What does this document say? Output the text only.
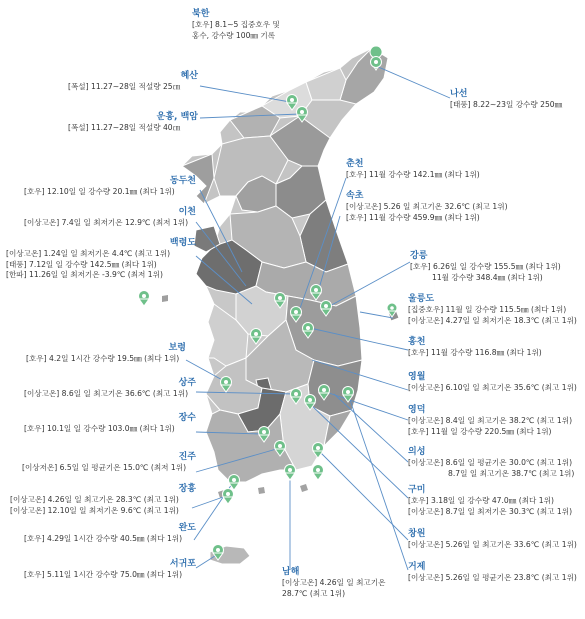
북한
[호우] 8.1~5 집중호우 및
홍수, 강수량 100㎜ 기록
나선
[태풍] 8.22~23일 강수량 250㎜
혜산
[폭설] 11.27~28일 적설량 25㎝
운흥, 백암
[폭설] 11.27~28일 적설량 40㎝
동두천
[호우] 12.10일 일 강수량 20.1㎜ (최다 1위)
이천
[이상고온] 7.4일 일 최저기온 12.9℃ (최저 1위)
백령도
[이상고온] 1.24일 일 최저기온 4.4℃ (최고 1위)
[태풍] 7.12일 일 강수량 142.5㎜ (최다 1위)
[한파] 11.26일 일 최저기온 -3.9℃ (최저 1위)
춘천
[호우] 11월 강수량 142.1㎜ (최다 1위)
속초
[이상고온] 5.26 일 최고기온 32.6℃ (최고 1위)
[호우] 11월 강수량 459.9㎜ (최다 1위)
강릉
[호우] 6.26일 일 강수량 155.5㎜ (최다 1위)
11월 강수량 348.4㎜ (최다 1위)
울릉도
[집중호우] 11월 일 강수량 115.5㎜ (최다 1위)
[이상고온] 4.27일 일 최저기온 18.3℃ (최고 1위)
홍천
[호우] 11월 강수량 116.8㎜ (최다 1위)
보령
[호우] 4.2일 1시간 강수량 19.5㎜ (최다 1위)
영월
[이상고온] 6.10일 일 최고기온 35.6℃ (최고 1위)
상주
[이상고온] 8.6일 일 최고기온 36.6℃ (최고 1위)
영덕
[이상고온] 8.4일 일 최고기온 38.2℃ (최고 1위)
[호우] 11월 일 강수량 220.5㎜ (최다 1위)
장수
[호우] 10.1일 일 강수량 103.0㎜ (최다 1위)
진주
[이상저온] 6.5일 일 평균기온 15.0℃ (최저 1위)
의성
[이상고온] 8.6일 일 평균기온 30.0℃ (최고 1위)
8.7일 일 최고기온 38.7℃ (최고 1위)
장흥
[이상고온] 4.26일 일 최고기온 28.3℃ (최고 1위)
[이상고온] 12.10일 일 최저기온 9.6℃ (최고 1위)
구미
[호우] 3.18일 일 강수량 47.0㎜ (최다 1위)
[이상고온] 8.7일 일 최저기온 30.3℃ (최고 1위)
완도
[호우] 4.29일 1시간 강수량 40.5㎜ (최다 1위)	창원
[이상고온] 5.26일 일 최고기온 33.6℃ (최고 1위)
서귀포
[호우] 5.11일 1시간 강수량 75.0㎜ (최다 1위)	남해
[이상고온] 4.26일 일 최고기온
28.7℃ (최고 1위)
거제
[이상고온] 5.26일 일 평균기온 23.8℃ (최고 1위)
